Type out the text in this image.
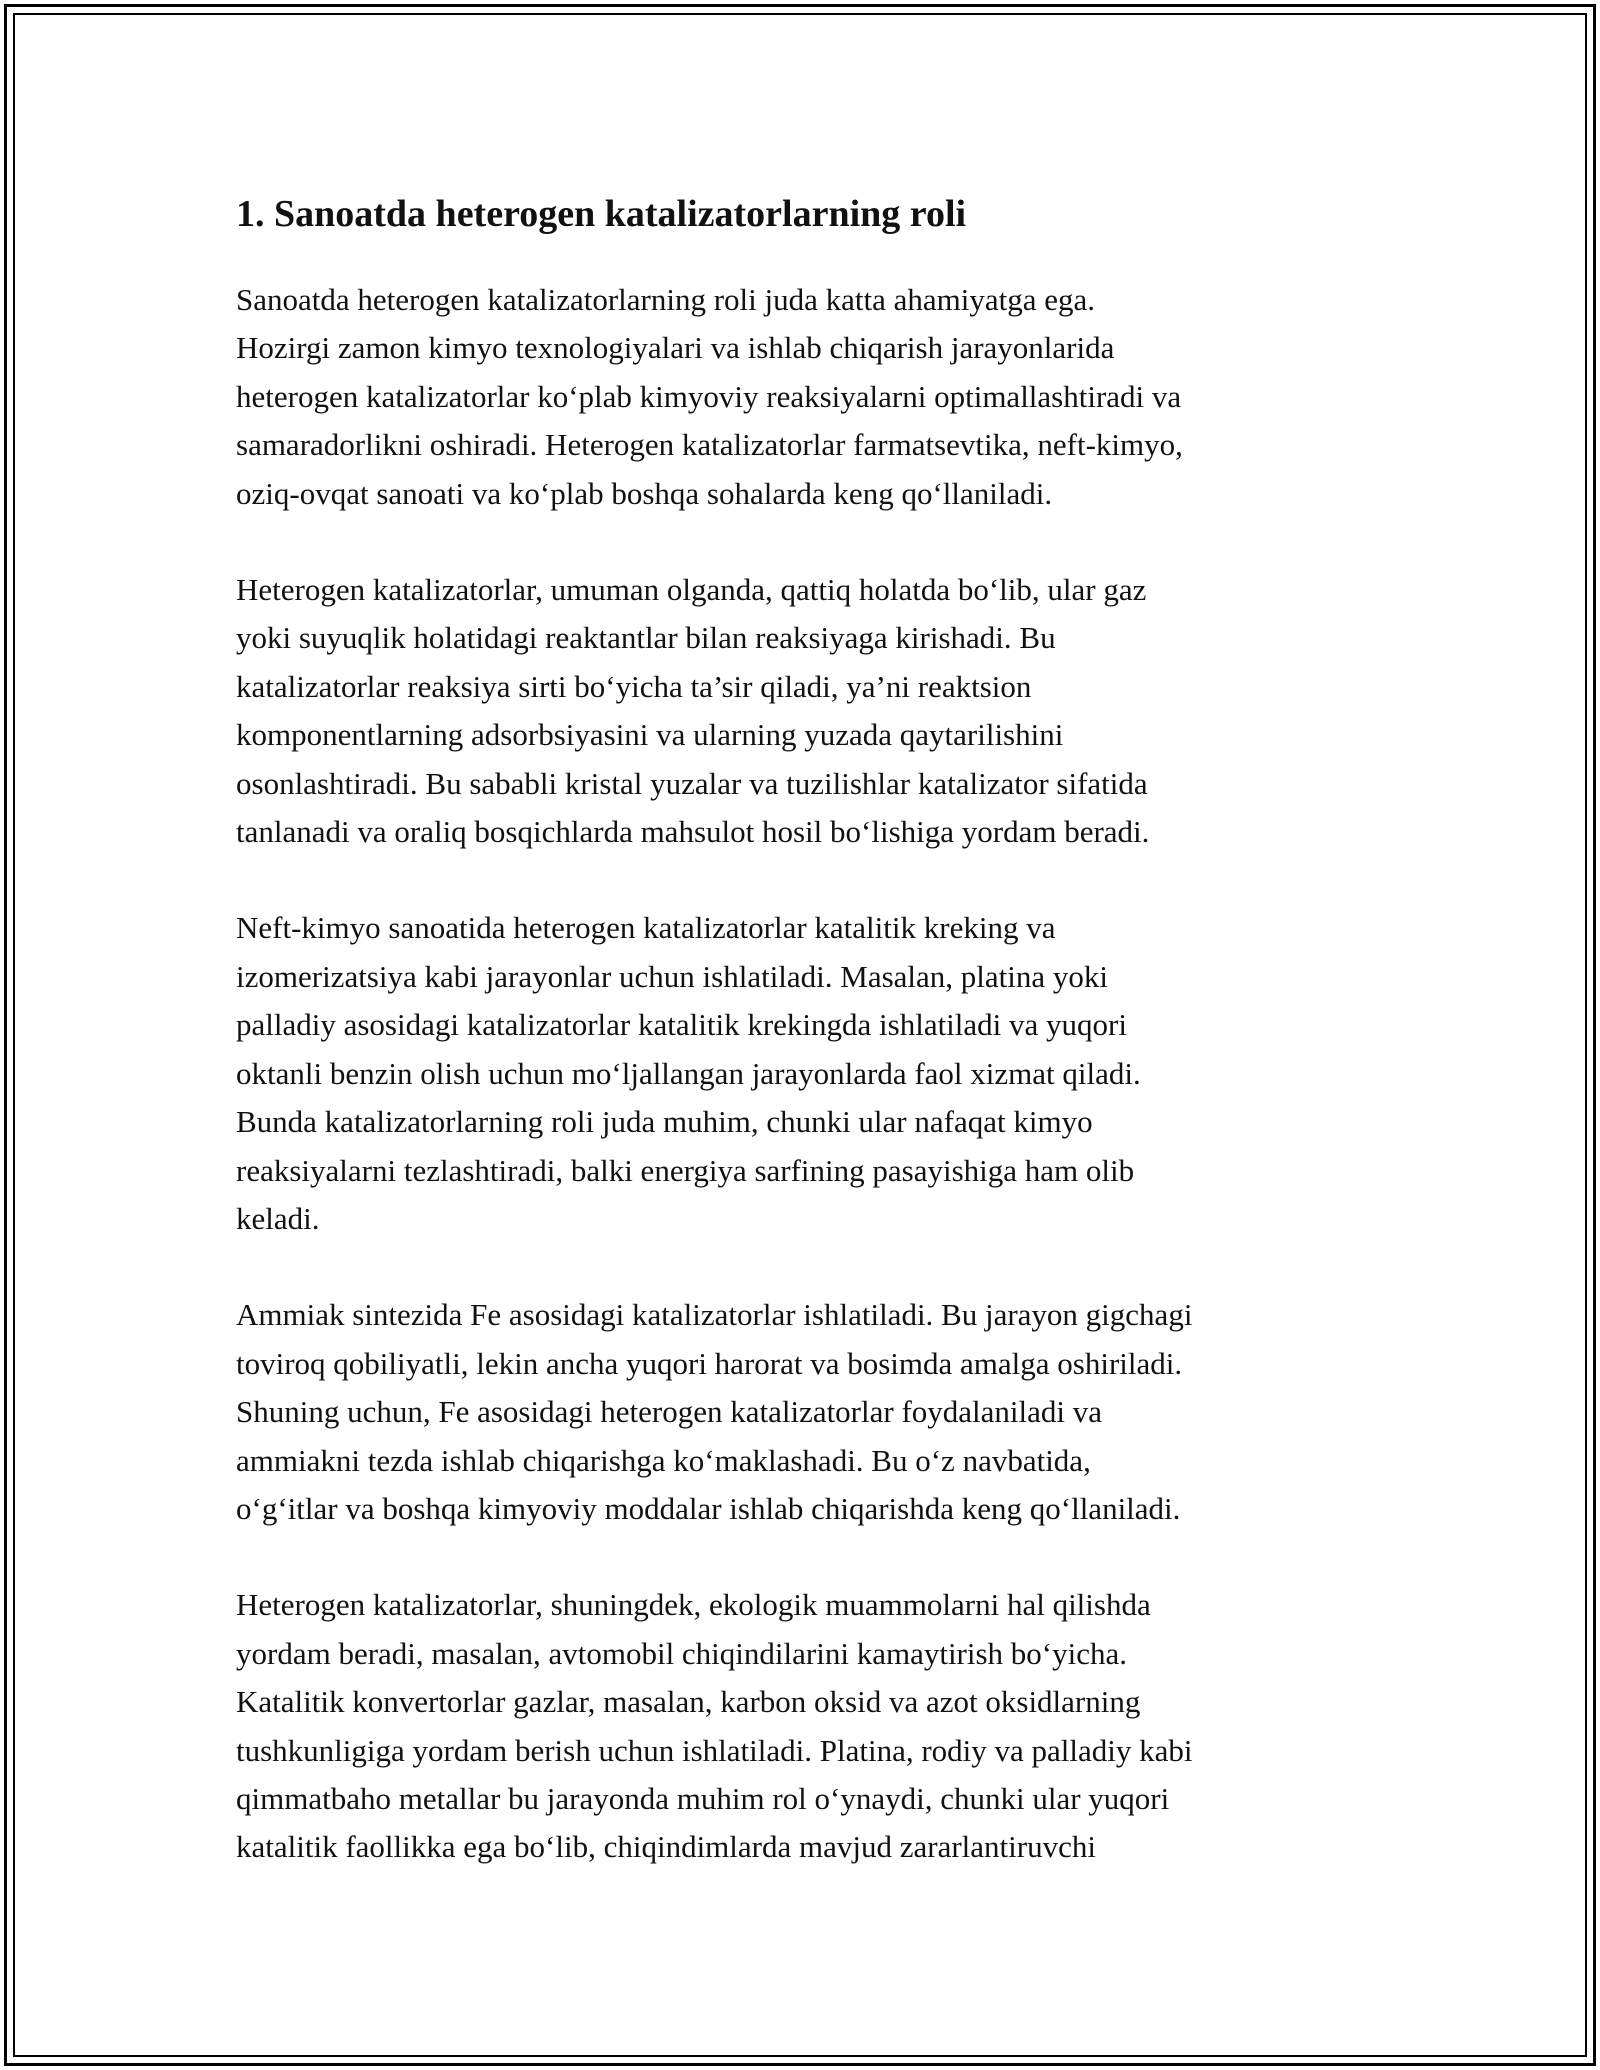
1. Sanoatda heterogen katalizatorlarning roli

Sanoatda heterogen katalizatorlarning roli juda katta ahamiyatga ega.
Hozirgi zamon kimyo texnologiyalari va ishlab chiqarish jarayonlarida
heterogen katalizatorlar ko‘plab kimyoviy reaksiyalarni optimallashtiradi va
samaradorlikni oshiradi. Heterogen katalizatorlar farmatsevtika, neft-kimyo,
oziq-ovqat sanoati va ko‘plab boshqa sohalarda keng qo‘llaniladi.

Heterogen katalizatorlar, umuman olganda, qattiq holatda bo‘lib, ular gaz
yoki suyuqlik holatidagi reaktantlar bilan reaksiyaga kirishadi. Bu
katalizatorlar reaksiya sirti bo‘yicha ta’sir qiladi, ya’ni reaktsion
komponentlarning adsorbsiyasini va ularning yuzada qaytarilishini
osonlashtiradi. Bu sababli kristal yuzalar va tuzilishlar katalizator sifatida
tanlanadi va oraliq bosqichlarda mahsulot hosil bo‘lishiga yordam beradi.

Neft-kimyo sanoatida heterogen katalizatorlar katalitik kreking va
izomerizatsiya kabi jarayonlar uchun ishlatiladi. Masalan, platina yoki
palladiy asosidagi katalizatorlar katalitik krekingda ishlatiladi va yuqori
oktanli benzin olish uchun mo‘ljallangan jarayonlarda faol xizmat qiladi.
Bunda katalizatorlarning roli juda muhim, chunki ular nafaqat kimyo
reaksiyalarni tezlashtiradi, balki energiya sarfining pasayishiga ham olib
keladi.

Ammiak sintezida Fe asosidagi katalizatorlar ishlatiladi. Bu jarayon gigchagi
toviroq qobiliyatli, lekin ancha yuqori harorat va bosimda amalga oshiriladi.
Shuning uchun, Fe asosidagi heterogen katalizatorlar foydalaniladi va
ammiakni tezda ishlab chiqarishga ko‘maklashadi. Bu o‘z navbatida,
o‘g‘itlar va boshqa kimyoviy moddalar ishlab chiqarishda keng qo‘llaniladi.

Heterogen katalizatorlar, shuningdek, ekologik muammolarni hal qilishda
yordam beradi, masalan, avtomobil chiqindilarini kamaytirish bo‘yicha.
Katalitik konvertorlar gazlar, masalan, karbon oksid va azot oksidlarning
tushkunligiga yordam berish uchun ishlatiladi. Platina, rodiy va palladiy kabi
qimmatbaho metallar bu jarayonda muhim rol o‘ynaydi, chunki ular yuqori
katalitik faollikka ega bo‘lib, chiqindimlarda mavjud zararlantiruvchi
